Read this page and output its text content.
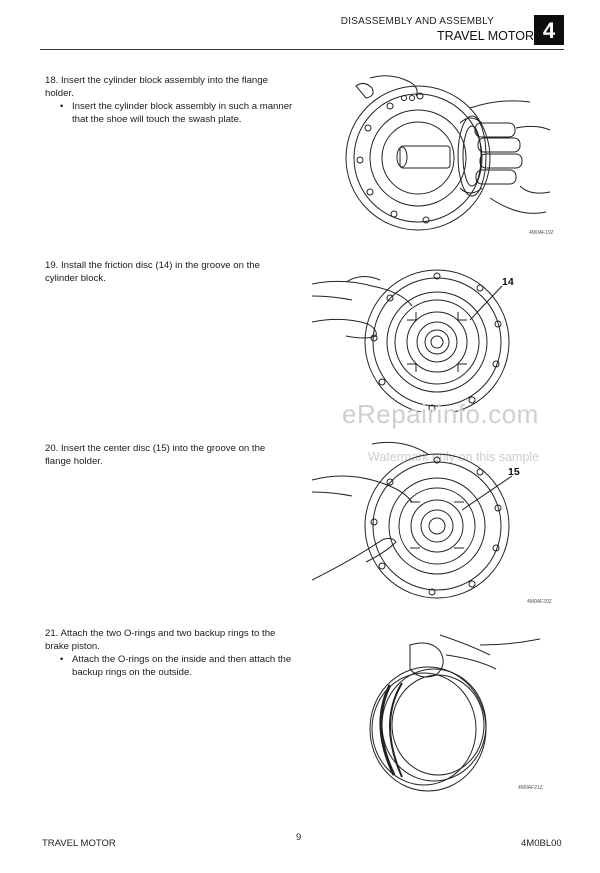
DISASSEMBLY AND ASSEMBLY
TRAVEL MOTOR 4
18. Insert the cylinder block assembly into the flange holder.
• Insert the cylinder block assembly in such a manner that the shoe will touch the swash plate.
19. Install the friction disc (14) in the groove on the cylinder block.
20. Insert the center disc (15) into the groove on the flange holder.
21. Attach the two O-rings and two backup rings to the brake piston.
• Attach the O-rings on the inside and then attach the backup rings on the outside.
4M0AF19Z
14
eRepairinfo.com
Watermark only on this sample
15
4M0AF20Z
4M0AF21Z
TRAVEL MOTOR
9
4M0BL00
